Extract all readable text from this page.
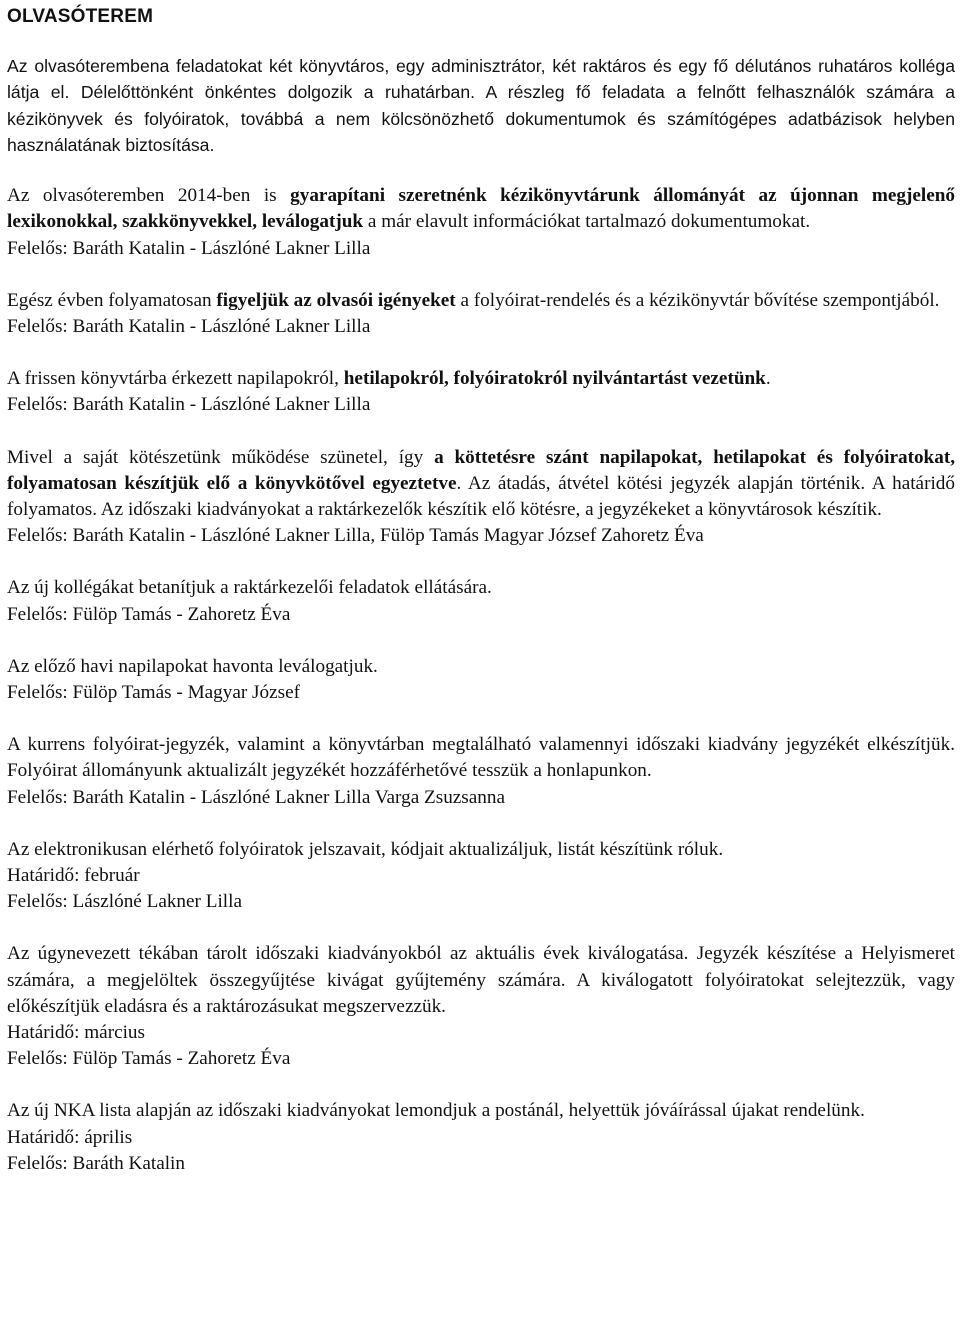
OLVASÓTEREM
Az olvasóterembena feladatokat két könyvtáros, egy adminisztrátor, két raktáros és egy fő délutános ruhatáros kolléga látja el. Délelőttönként önkéntes dolgozik a ruhatárban. A részleg fő feladata a felnőtt felhasználók számára a kézikönyvek és folyóiratok, továbbá a nem kölcsönözhető dokumentumok és számítógépes adatbázisok helyben használatának biztosítása.

Az olvasóteremben 2014-ben is gyarapítani szeretnénk kézikönyvtárunk állományát az újonnan megjelenő lexikonokkal, szakkönyvekkel, leválogatjuk a már elavult információkat tartalmazó dokumentumokat.

Felelős: Baráth Katalin - Lászlóné Lakner Lilla

Egész évben folyamatosan figyeljük az olvasói igényeket a folyóirat-rendelés és a kézikönyvtár bővítése szempontjából.

Felelős: Baráth Katalin - Lászlóné Lakner Lilla

A frissen könyvtárba érkezett napilapokról, hetilapokról, folyóiratokról nyilvántartást vezetünk.

Felelős: Baráth Katalin - Lászlóné Lakner Lilla

Mivel a saját kötészetünk működése szünetel, így a köttetésre szánt napilapokat, hetilapokat és folyóiratokat, folyamatosan készítjük elő a könyvkötővel egyeztetve. Az átadás, átvétel kötési jegyzék alapján történik. A határidő folyamatos. Az időszaki kiadványokat a raktárkezelők készítik elő kötésre, a jegyzékeket a könyvtárosok készítik.

Felelős: Baráth Katalin - Lászlóné Lakner Lilla, Fülöp Tamás Magyar József Zahoretz Éva

Az új kollégákat betanítjuk a raktárkezelői feladatok ellátására.

Felelős: Fülöp Tamás - Zahoretz Éva

Az előző havi napilapokat havonta leválogatjuk.

Felelős: Fülöp Tamás - Magyar József

A kurrens folyóirat-jegyzék, valamint a könyvtárban megtalálható valamennyi időszaki kiadvány jegyzékét elkészítjük. Folyóirat állományunk aktualizált jegyzékét hozzáférhetővé tesszük a honlapunkon.

Felelős: Baráth Katalin - Lászlóné Lakner Lilla Varga Zsuzsanna

Az elektronikusan elérhető folyóiratok jelszavait, kódjait aktualizáljuk, listát készítünk róluk.

Határidő: február
Felelős: Lászlóné Lakner Lilla

Az úgynevezett tékában tárolt időszaki kiadványokból az aktuális évek kiválogatása. Jegyzék készítése a Helyismeret számára, a megjelöltek összegyűjtése kivágat gyűjtemény számára. A kiválogatott folyóiratokat selejtezzük, vagy előkészítjük eladásra és a raktározásukat megszervezzük.

Határidő: március
Felelős: Fülöp Tamás - Zahoretz Éva

Az új NKA lista alapján az időszaki kiadványokat lemondjuk a postánál, helyettük jóváírással újakat rendelünk.

Határidő: április
Felelős: Baráth Katalin
